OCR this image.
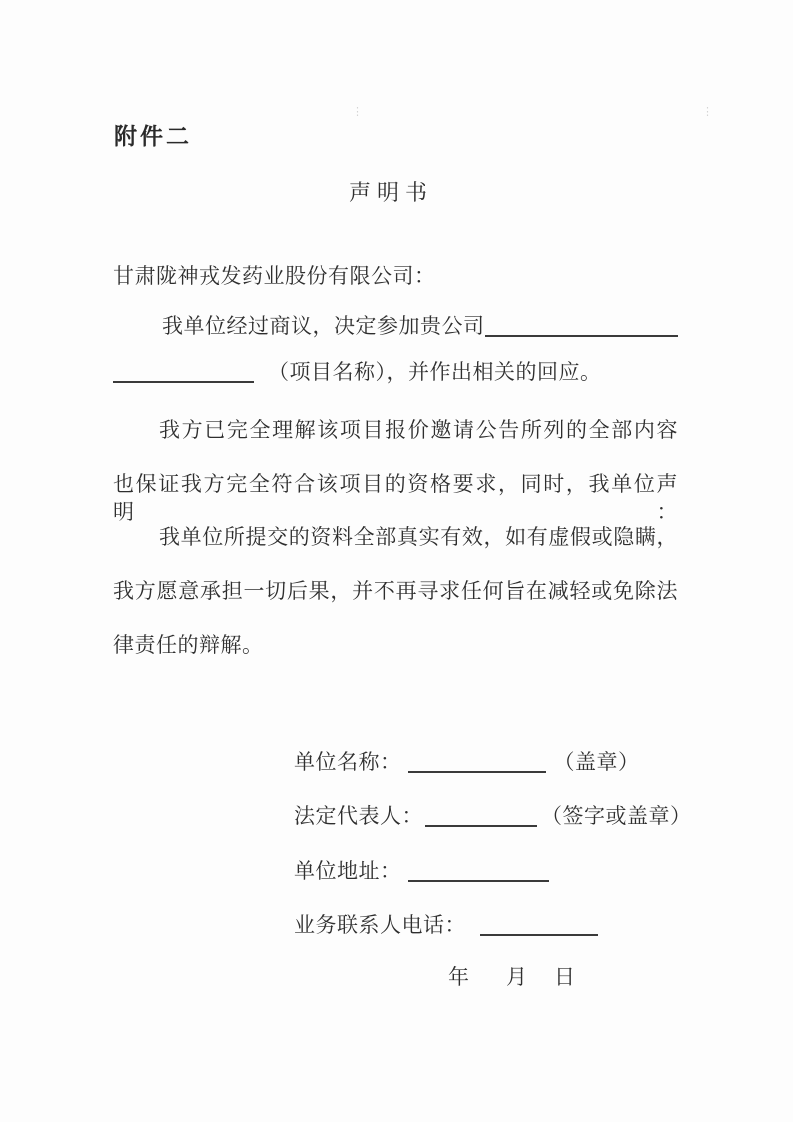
⋮
⋮
附件二
声明书
甘肃陇神戎发药业股份有限公司：
我单位经过商议，决定参加贵公司
（项目名称），并作出相关的回应。
我方已完全理解该项目报价邀请公告所列的全部内容
也保证我方完全符合该项目的资格要求，同时，我单位声明：
我单位所提交的资料全部真实有效，如有虚假或隐瞒，
我方愿意承担一切后果，并不再寻求任何旨在减轻或免除法
律责任的辩解。
单位名称：	（盖章）
法定代表人：	（签字或盖章）
单位地址：
业务联系人电话：
年 月 日
